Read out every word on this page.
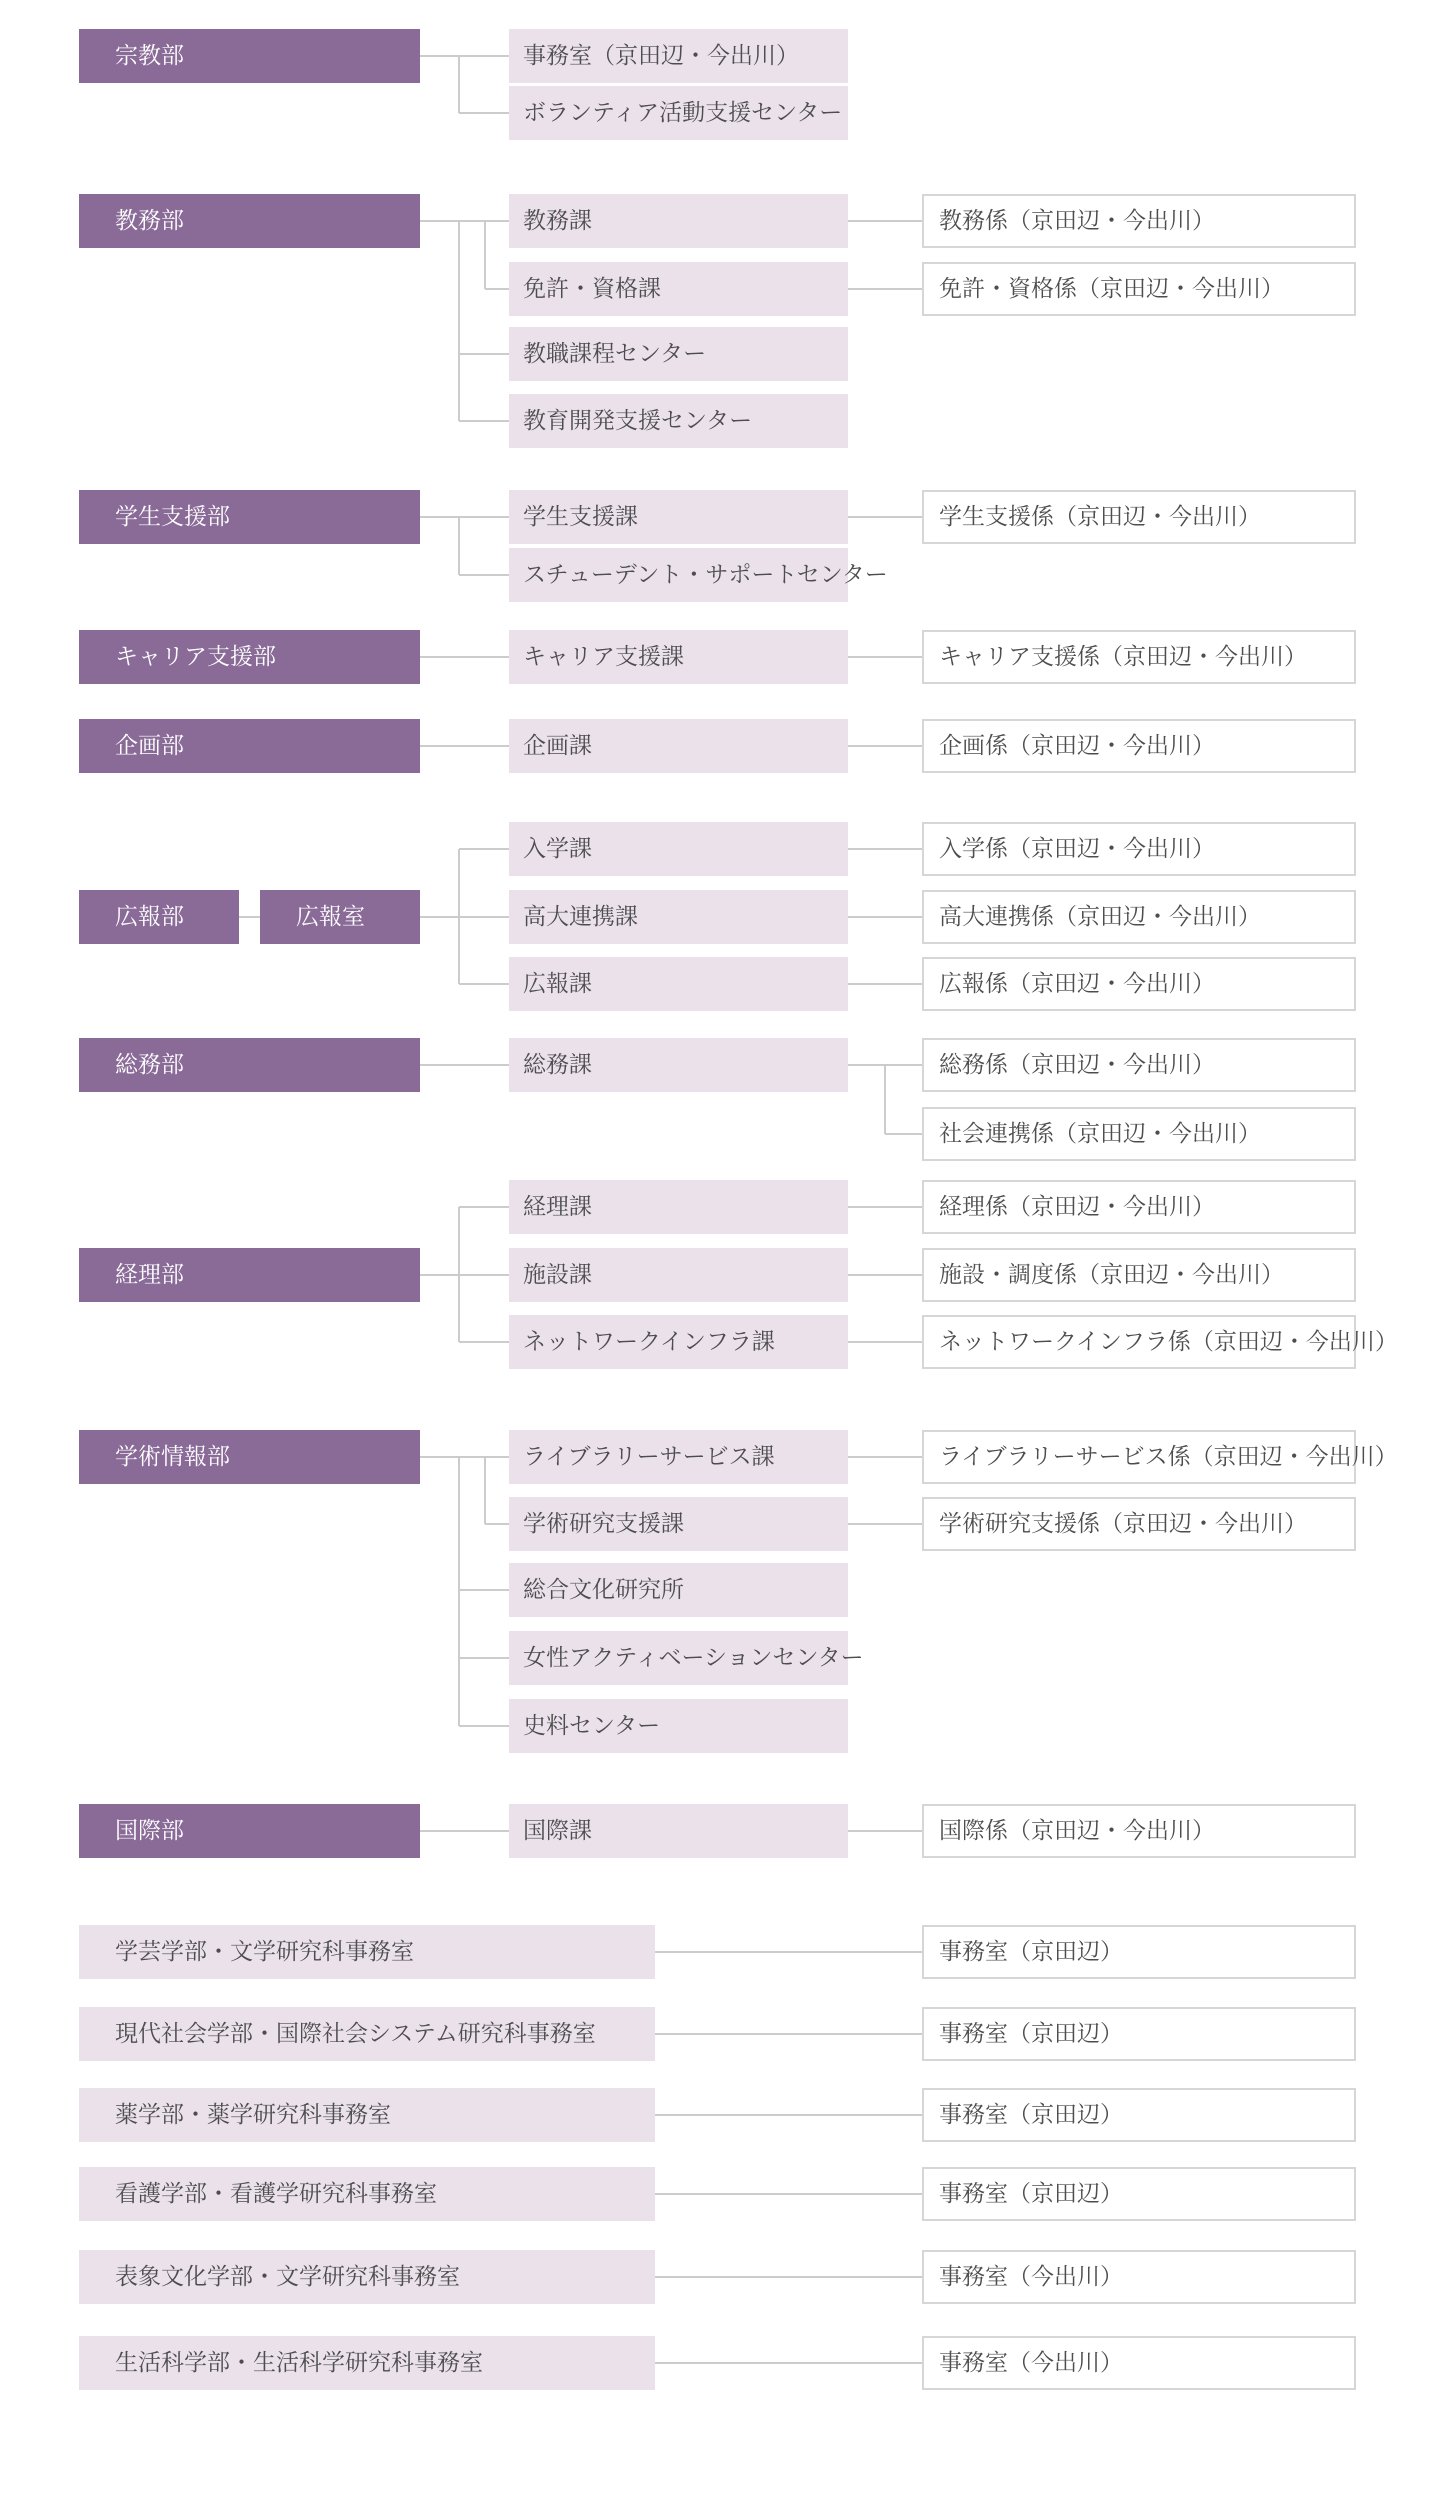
宗教部	事務室（京田辺・今出川）
ボランティア活動支援センター
教務部	教務課	教務係（京田辺・今出川）
免許・資格課	免許・資格係（京田辺・今出川）
教職課程センター
教育開発支援センター
学生支援部	学生支援課	学生支援係（京田辺・今出川）
スチューデント・サポートセンター
キャリア支援部	キャリア支援課	キャリア支援係（京田辺・今出川）
企画部	企画課	企画係（京田辺・今出川）
広報部	広報室
入学課	入学係（京田辺・今出川）
高大連携課	高大連携係（京田辺・今出川）
広報課	広報係（京田辺・今出川）
総務部	総務課	総務係（京田辺・今出川）
社会連携係（京田辺・今出川）
経理部
経理課	経理係（京田辺・今出川）
施設課	施設・調度係（京田辺・今出川）
ネットワークインフラ課	ネットワークインフラ係（京田辺・今出川）
学術情報部	ライブラリーサービス課	ライブラリーサービス係（京田辺・今出川）
学術研究支援課	学術研究支援係（京田辺・今出川）
総合文化研究所
女性アクティベーションセンター
史料センター
国際部	国際課	国際係（京田辺・今出川）
学芸学部・文学研究科事務室	事務室（京田辺）
現代社会学部・国際社会システム研究科事務室	事務室（京田辺）
薬学部・薬学研究科事務室	事務室（京田辺）
看護学部・看護学研究科事務室	事務室（京田辺）
表象文化学部・文学研究科事務室	事務室（今出川）
生活科学部・生活科学研究科事務室	事務室（今出川）
